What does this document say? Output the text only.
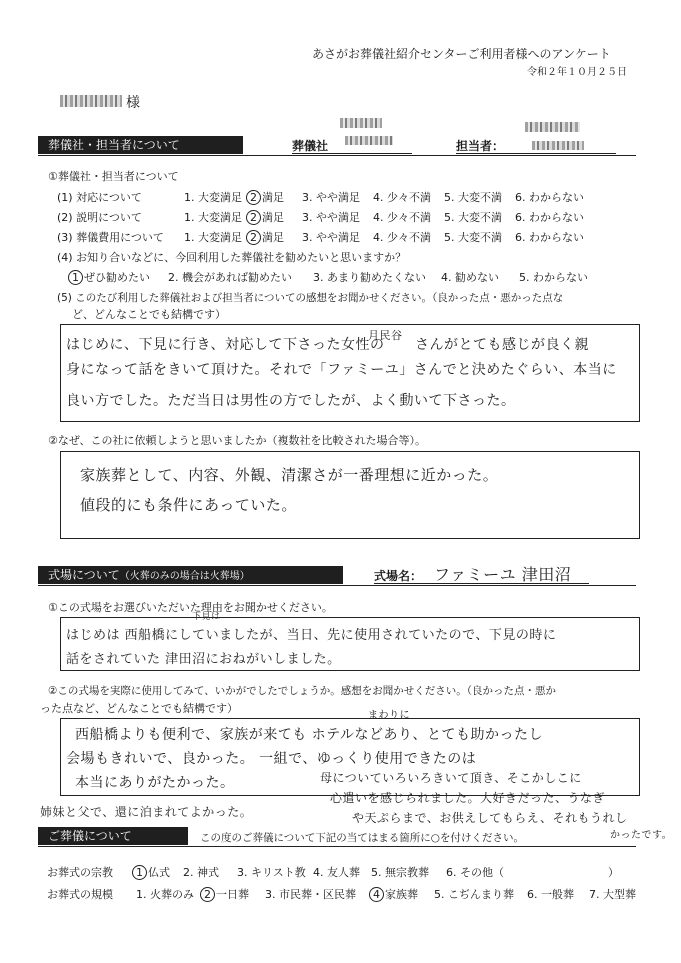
あさがお葬儀社紹介センターご利用者様へのアンケート
令和２年１０月２５日
様
葬儀社・担当者について	葬儀社	担当者：
①葬儀社・担当者について
(1) 対応について	1. 大変満足 2 満足 3. やや満足 4. 少々不満 5. 大変不満 6. わからない
(2) 説明について	1. 大変満足 2 満足 3. やや満足 4. 少々不満 5. 大変不満 6. わからない
(3) 葬儀費用について 1. 大変満足 2 満足 3. やや満足 4. 少々不満 5. 大変不満 6. わからない
(4) お知り合いなどに、今回利用した葬儀社を勧めたいと思いますか？
1 ぜひ勧めたい 2. 機会があれば勧めたい 3. あまり勧めたくない 4. 勧めない 5. わからない
(5) このたび利用した葬儀社および担当者についての感想をお聞かせください。（良かった点・悪かった点な
ど、どんなことでも結構です）
はじめに、下見に行き、対応して下さった女性の
月民谷
さんがとても感じが良く親
身になって話をきいて頂けた。それで「ファミーユ」さんでと決めたぐらい、本当に
良い方でした。ただ当日は男性の方でしたが、よく動いて下さった。
②なぜ、この社に依頼しようと思いましたか（複数社を比較された場合等）。
家族葬として、内容、外観、清潔さが一番理想に近かった。
値段的にも条件にあっていた。
式場について（火葬のみの場合は火葬場）	式場名： ファミーユ 津田沼
①この式場をお選びいただいた理由をお聞かせください。
下見は
はじめは 西船橋にしていましたが、当日、先に使用されていたので、下見の時に
話をされていた 津田沼におねがいしました。
②この式場を実際に使用してみて、いかがでしたでしょうか。感想をお聞かせください。（良かった点・悪か
った点など、どんなことでも結構です）
まわりに
西船橋よりも便利で、家族が来ても ホテルなどあり、とても助かったし
会場もきれいで、良かった。 一組で、ゆっくり使用できたのは
本当にありがたかった。	母についていろいろきいて頂き、そこかしこに
心遣いを感じられました。大好きだった、うなぎ
姉妹と父で、還に泊まれてよかった。	や天ぷらまで、お供えしてもらえ、それもうれし
かったです。
ご葬儀について	この度のご葬儀について下記の当てはまる箇所に○を付けください。
お葬式の宗教	1 仏式 2. 神式 3. キリスト教 4. 友人葬 5. 無宗教葬 6. その他（	）
お葬式の規模 1. 火葬のみ 2 一日葬 3. 市民葬・区民葬	4 家族葬 5. こぢんまり葬 6. 一般葬 7. 大型葬
